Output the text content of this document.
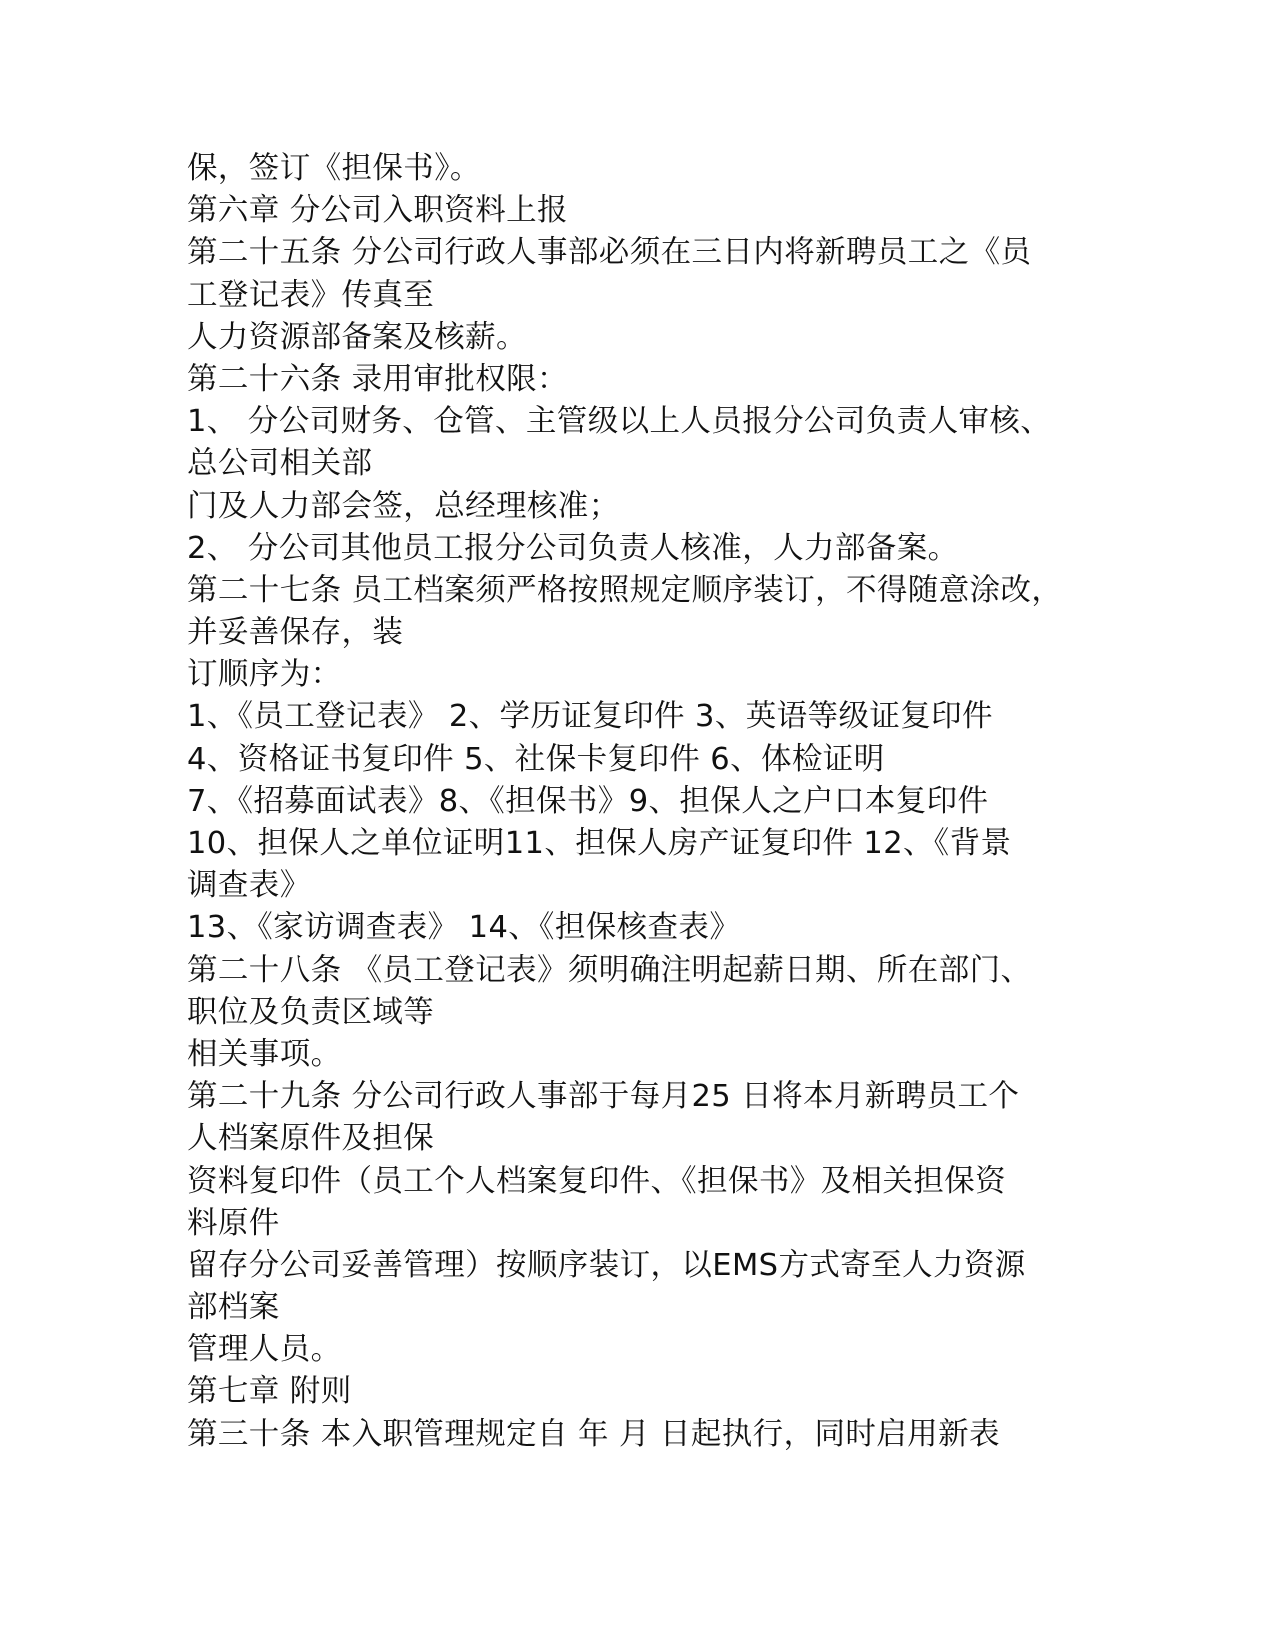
保，签订《担保书》。
第六章 分公司入职资料上报
第二十五条 分公司行政人事部必须在三日内将新聘员工之《员
工登记表》传真至
人力资源部备案及核薪。
第二十六条 录用审批权限：
1、 分公司财务、仓管、主管级以上人员报分公司负责人审核、
总公司相关部
门及人力部会签，总经理核准；
2、 分公司其他员工报分公司负责人核准，人力部备案。
第二十七条 员工档案须严格按照规定顺序装订，不得随意涂改，
并妥善保存，装
订顺序为：
1、《员工登记表》 2、学历证复印件 3、英语等级证复印件
4、资格证书复印件 5、社保卡复印件 6、体检证明
7、《招募面试表》8、《担保书》9、担保人之户口本复印件
10、担保人之单位证明11、担保人房产证复印件 12、《背景
调查表》
13、《家访调查表》 14、《担保核查表》
第二十八条 《员工登记表》须明确注明起薪日期、所在部门、
职位及负责区域等
相关事项。
第二十九条 分公司行政人事部于每月25 日将本月新聘员工个
人档案原件及担保
资料复印件（员工个人档案复印件、《担保书》及相关担保资
料原件
留存分公司妥善管理）按顺序装订，以EMS方式寄至人力资源
部档案
管理人员。
第七章 附则
第三十条 本入职管理规定自 年 月 日起执行，同时启用新表
